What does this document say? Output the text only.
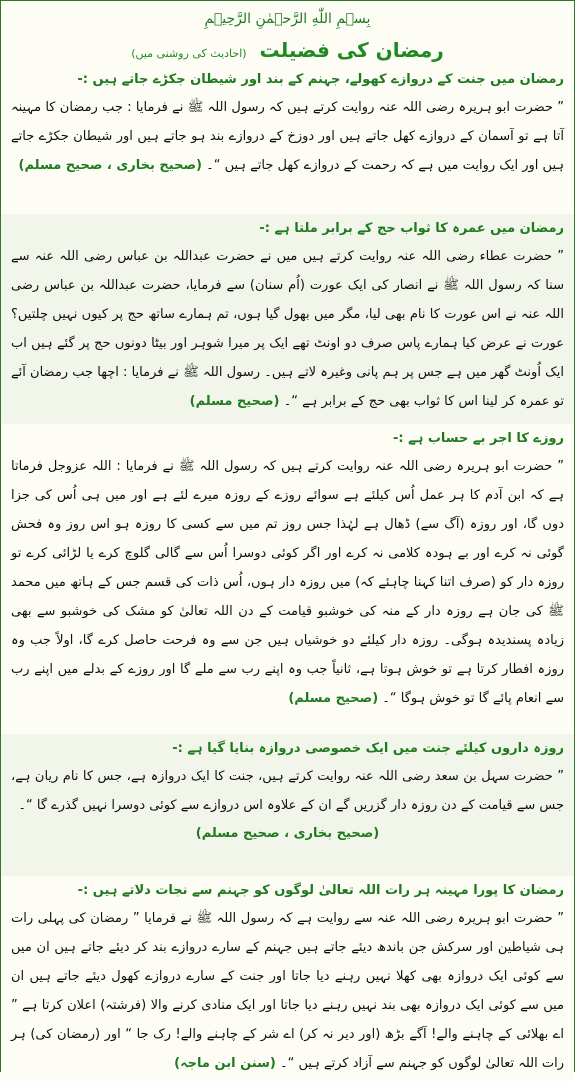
بِسۡمِ اللّٰهِ الرَّحۡمٰنِ الرَّحِیۡمِ
رمضان کی فضیلت (احادیث کی روشنی میں)
رمضان میں جنت کے دروازے کھولے، جہنم کے بند اور شیطان جکڑے جاتے ہیں :-
” حضرت ابو ہریرہ رضی اللہ عنہ روایت کرتے ہیں کہ رسول اللہ ﷺ نے فرمایا : جب رمضان کا مہینہ آتا ہے تو آسمان کے دروازے کھل جاتے ہیں اور دوزخ کے دروازے بند ہو جاتے ہیں اور شیطان جکڑے جاتے ہیں اور ایک روایت میں ہے کہ رحمت کے دروازے کھل جاتے ہیں “۔ (صحیح بخاری ، صحیح مسلم)
رمضان میں عمرہ کا ثواب حج کے برابر ملتا ہے :-
” حضرت عطاء رضی اللہ عنہ روایت کرتے ہیں میں نے حضرت عبداللہ بن عباس رضی اللہ عنہ سے سنا کہ رسول اللہ ﷺ نے انصار کی ایک عورت (اُم سنان) سے فرمایا، حضرت عبداللہ بن عباس رضی اللہ عنہ نے اس عورت کا نام بھی لیا، مگر میں بھول گیا ہوں، تم ہمارے ساتھ حج پر کیوں نہیں چلتیں؟ عورت نے عرض کیا ہمارے پاس صرف دو اونٹ تھے ایک پر میرا شوہر اور بیٹا دونوں حج پر گئے ہیں اب ایک اُونٹ گھر میں ہے جس پر ہم پانی وغیرہ لاتے ہیں۔ رسول اللہ ﷺ نے فرمایا : اچھا جب رمضان آئے تو عمرہ کر لینا اس کا ثواب بھی حج کے برابر ہے “۔ (صحیح مسلم)
روزے کا اجر بے حساب ہے :-
” حضرت ابو ہریرہ رضی اللہ عنہ روایت کرتے ہیں کہ رسول اللہ ﷺ نے فرمایا : اللہ عزوجل فرماتا ہے کہ ابن آدم کا ہر عمل اُس کیلئے ہے سوائے روزے کے روزہ میرے لئے ہے اور میں ہی اُس کی جزا دوں گا، اور روزہ (آگ سے) ڈھال ہے لہٰذا جس روز تم میں سے کسی کا روزہ ہو اس روز وہ فحش گوئی نہ کرے اور بے ہودہ کلامی نہ کرے اور اگر کوئی دوسرا اُس سے گالی گلوچ کرے یا لڑائی کرے تو روزہ دار کو (صرف اتنا کہنا چاہئے کہ) میں روزہ دار ہوں، اُس ذات کی قسم جس کے ہاتھ میں محمد ﷺ کی جان ہے روزہ دار کے منہ کی خوشبو قیامت کے دن اللہ تعالیٰ کو مشک کی خوشبو سے بھی زیادہ پسندیدہ ہوگی۔ روزہ دار کیلئے دو خوشیاں ہیں جن سے وہ فرحت حاصل کرے گا، اولاً جب وہ روزہ افطار کرتا ہے تو خوش ہوتا ہے، ثانیاً جب وہ اپنے رب سے ملے گا اور روزے کے بدلے میں اپنے رب سے انعام پائے گا تو خوش ہوگا “۔ (صحیح مسلم)
روزہ داروں کیلئے جنت میں ایک خصوصی دروازہ بنایا گیا ہے :-
” حضرت سہل بن سعد رضی اللہ عنہ روایت کرتے ہیں، جنت کا ایک دروازہ ہے، جس کا نام ریان ہے، جس سے قیامت کے دن روزہ دار گزریں گے ان کے علاوہ اس دروازے سے کوئی دوسرا نہیں گذرے گا “۔
(صحیح بخاری ، صحیح مسلم)
رمضان کا پورا مہینہ ہر رات اللہ تعالیٰ لوگوں کو جہنم سے نجات دلاتے ہیں :-
” حضرت ابو ہریرہ رضی اللہ عنہ سے روایت ہے کہ رسول اللہ ﷺ نے فرمایا ” رمضان کی پہلی رات ہی شیاطین اور سرکش جن باندھ دیئے جاتے ہیں جہنم کے سارے دروازے بند کر دیئے جاتے ہیں ان میں سے کوئی ایک دروازہ بھی کھلا نہیں رہنے دیا جاتا اور جنت کے سارے دروازے کھول دیئے جاتے ہیں ان میں سے کوئی ایک دروازہ بھی بند نہیں رہنے دیا جاتا اور ایک منادی کرنے والا (فرشتہ) اعلان کرتا ہے ” اے بھلائی کے چاہنے والے! آگے بڑھ (اور دیر نہ کر) اے شر کے چاہنے والے! رک جا “ اور (رمضان کی) ہر رات اللہ تعالیٰ لوگوں کو جہنم سے آزاد کرتے ہیں “۔ (سنن ابن ماجہ)
